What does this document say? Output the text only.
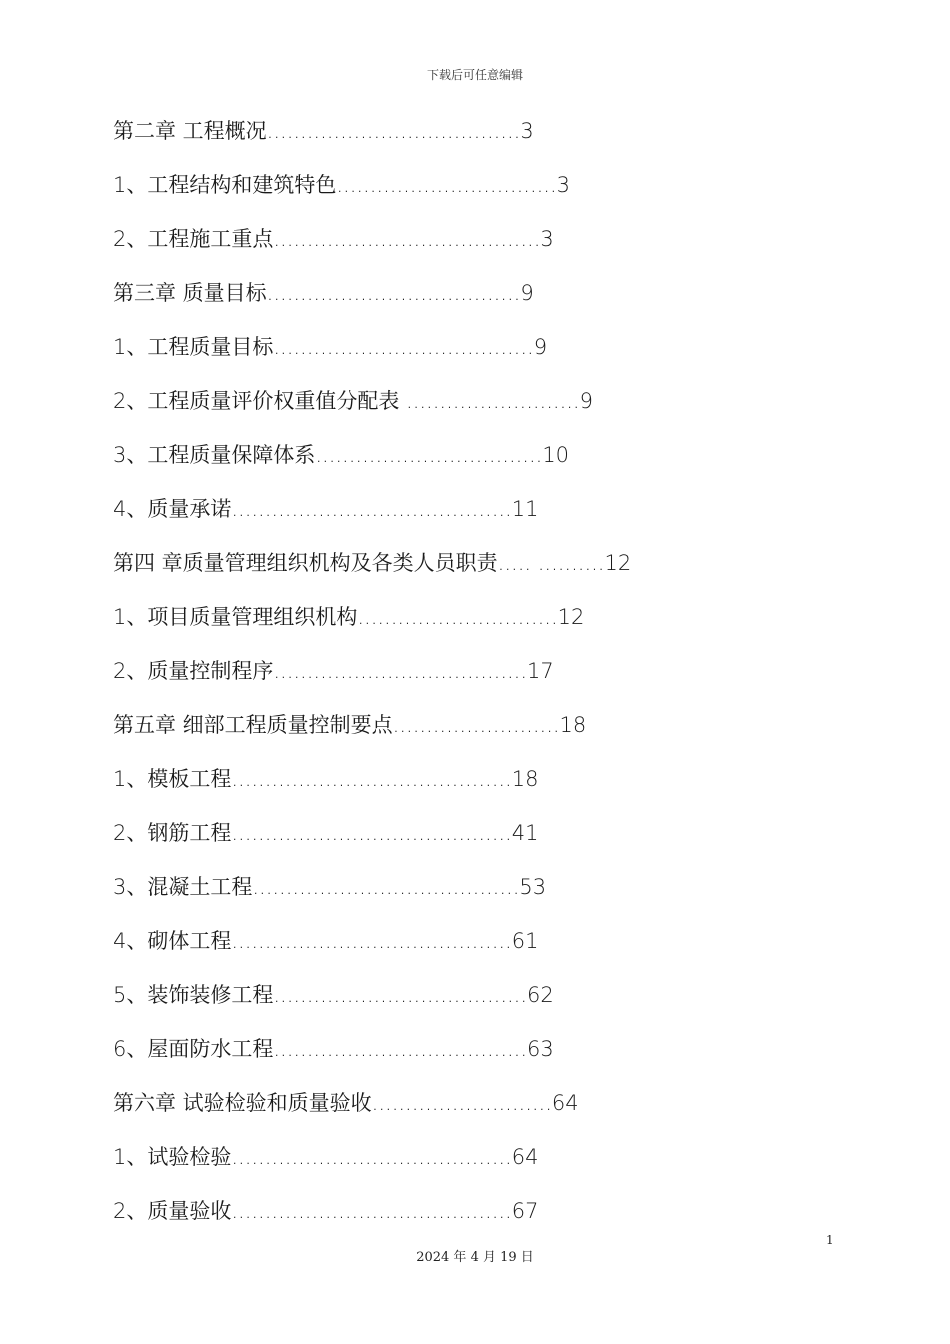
下载后可任意编辑
第二章 工程概况......................................3
1、工程结构和建筑特色.................................3
2、工程施工重点........................................3
第三章 质量目标......................................9
1、工程质量目标.......................................9
2、工程质量评价权重值分配表 ..........................9
3、工程质量保障体系..................................10
4、质量承诺..........................................11
第四 章质量管理组织机构及各类人员职责..... ..........12
1、项目质量管理组织机构..............................12
2、质量控制程序......................................17
第五章 细部工程质量控制要点.........................18
1、模板工程..........................................18
2、钢筋工程..........................................41
3、混凝土工程........................................53
4、砌体工程..........................................61
5、装饰装修工程......................................62
6、屋面防水工程......................................63
第六章 试验检验和质量验收...........................64
1、试验检验..........................................64
2、质量验收..........................................67
1
2024 年 4 月 19 日
